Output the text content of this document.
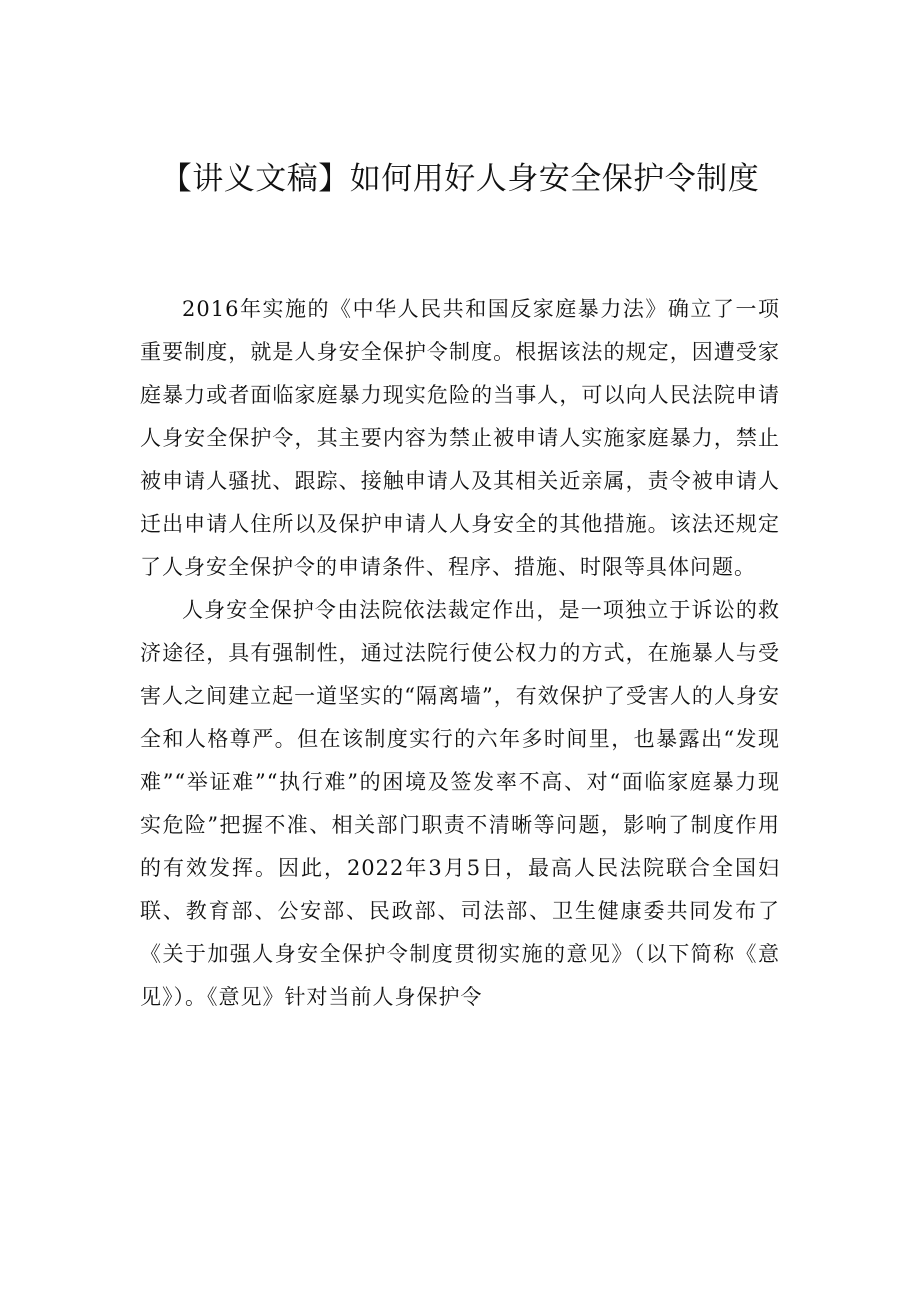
【讲义文稿】如何用好人身安全保护令制度

2016年实施的《中华人民共和国反家庭暴力法》确立了一项重要制度，就是人身安全保护令制度。根据该法的规定，因遭受家庭暴力或者面临家庭暴力现实危险的当事人，可以向人民法院申请人身安全保护令，其主要内容为禁止被申请人实施家庭暴力，禁止被申请人骚扰、跟踪、接触申请人及其相关近亲属，责令被申请人迁出申请人住所以及保护申请人人身安全的其他措施。该法还规定了人身安全保护令的申请条件、程序、措施、时限等具体问题。

人身安全保护令由法院依法裁定作出，是一项独立于诉讼的救济途径，具有强制性，通过法院行使公权力的方式，在施暴人与受害人之间建立起一道坚实的“隔离墙”，有效保护了受害人的人身安全和人格尊严。但在该制度实行的六年多时间里，也暴露出“发现难”“举证难”“执行难”的困境及签发率不高、对“面临家庭暴力现实危险”把握不准、相关部门职责不清晰等问题，影响了制度作用的有效发挥。因此，2022年3月5日，最高人民法院联合全国妇联、教育部、公安部、民政部、司法部、卫生健康委共同发布了《关于加强人身安全保护令制度贯彻实施的意见》（以下简称《意见》）。《意见》针对当前人身保护令
